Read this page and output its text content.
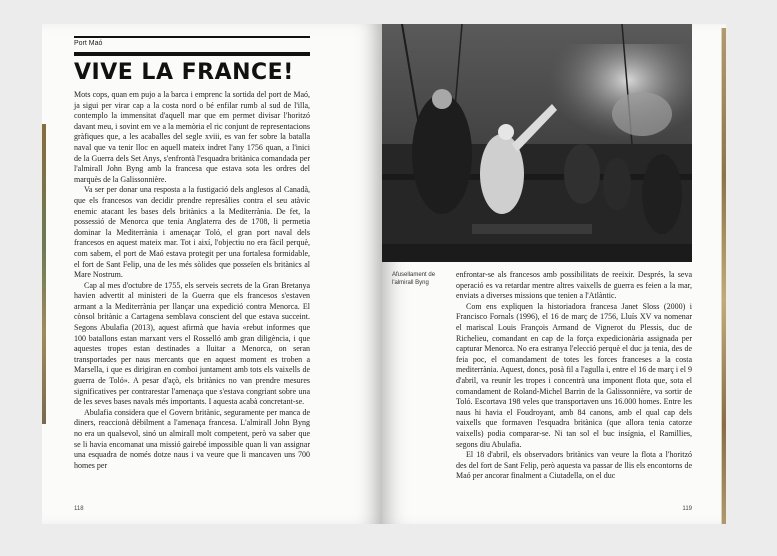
Port Maó
VIVE LA FRANCE!

Mots cops, quan em pujo a la barca i emprenc la sortida del port de Maó, ja sigui per virar cap a la costa nord o bé enfilar rumb al sud de l'illa, contemplo la immensitat d'aquell mar que em permet divisar l'horitzó davant meu, i sovint em ve a la memòria el ric conjunt de representacions gràfiques que, a les acaballes del segle xviii, es van fer sobre la batalla naval que va tenir lloc en aquell mateix indret l'any 1756 quan, a l'inici de la Guerra dels Set Anys, s'enfrontà l'esquadra britànica comandada per l'almirall John Byng amb la francesa que estava sota les ordres del marquès de la Galissonnière.

Va ser per donar una resposta a la fustigació dels anglesos al Canadà, que els francesos van decidir prendre represàlies contra el seu atàvic enemic atacant les bases dels britànics a la Mediterrània. De fet, la possessió de Menorca que tenia Anglaterra des de 1708, li permetia dominar la Mediterrània i amenaçar Toló, el gran port naval dels francesos en aquest mateix mar. Tot i així, l'objectiu no era fàcil perquè, com sabem, el port de Maó estava protegit per una fortalesa formidable, el fort de Sant Felip, una de les més sòlides que posseïen els britànics al Mare Nostrum.

Cap al mes d'octubre de 1755, els serveis secrets de la Gran Bretanya havien advertit al ministeri de la Guerra que els francesos s'estaven armant a la Mediterrània per llançar una expedició contra Menorca. El cònsol britànic a Cartagena semblava conscient del que estava succeint. Segons Abulafia (2013), aquest afirmà que havia «rebut informes que 100 batallons estan marxant vers el Rosselló amb gran diligència, i que aquestes tropes estan destinades a lluitar a Menorca, on seran transportades per naus mercants que en aquest moment es troben a Marsella, i que es dirigiran en comboi juntament amb tots els vaixells de guerra de Toló». A pesar d'açò, els britànics no van prendre mesures significatives per contrarestar l'amenaça que s'estava congriant sobre una de les seves bases navals més importants. I aquesta acabà concretant-se.

Abulafia considera que el Govern britànic, seguramente per manca de diners, reaccionà dèbilment a l'amenaça francesa. L'almirall John Byng no era un qualsevol, sinó un almirall molt competent, però va saber que se li havia encomanat una missió gairebé impossible quan li van assignar una esquadra de només dotze naus i va veure que li mancaven uns 700 homes per

118
Afusellament de l'almirall Byng

enfrontar-se als francesos amb possibilitats de reeixir. Després, la seva operació es va retardar mentre altres vaixells de guerra es feien a la mar, enviats a diverses missions que tenien a l'Atlàntic.

Com ens expliquen la historiadora francesa Janet Sloss (2000) i Francisco Fornals (1996), el 16 de març de 1756, Lluís XV va nomenar el mariscal Louis François Armand de Vignerot du Plessis, duc de Richelieu, comandant en cap de la força expedicionària assignada per capturar Menorca. No era estranya l'elecció perquè el duc ja tenia, des de feia poc, el comandament de totes les forces franceses a la costa mediterrània. Aquest, doncs, posà fil a l'agulla i, entre el 16 de març i el 9 d'abril, va reunir les tropes i concentrà una imponent flota que, sota el comandament de Roland-Michel Barrin de la Galissonnière, va sortir de Toló. Escortava 198 veles que transportaven uns 16.000 homes. Entre les naus hi havia el Foudroyant, amb 84 canons, amb el qual cap dels vaixells que formaven l'esquadra britànica (que allora tenia catorze vaixells) podia comparar-se. Ni tan sol el buc insígnia, el Ramillies, segons diu Abulafia.

El 18 d'abril, els observadors britànics van veure la flota a l'horitzó des del fort de Sant Felip, però aquesta va passar de llis els encontorns de Maó per ancorar finalment a Ciutadella, on el duc

119
